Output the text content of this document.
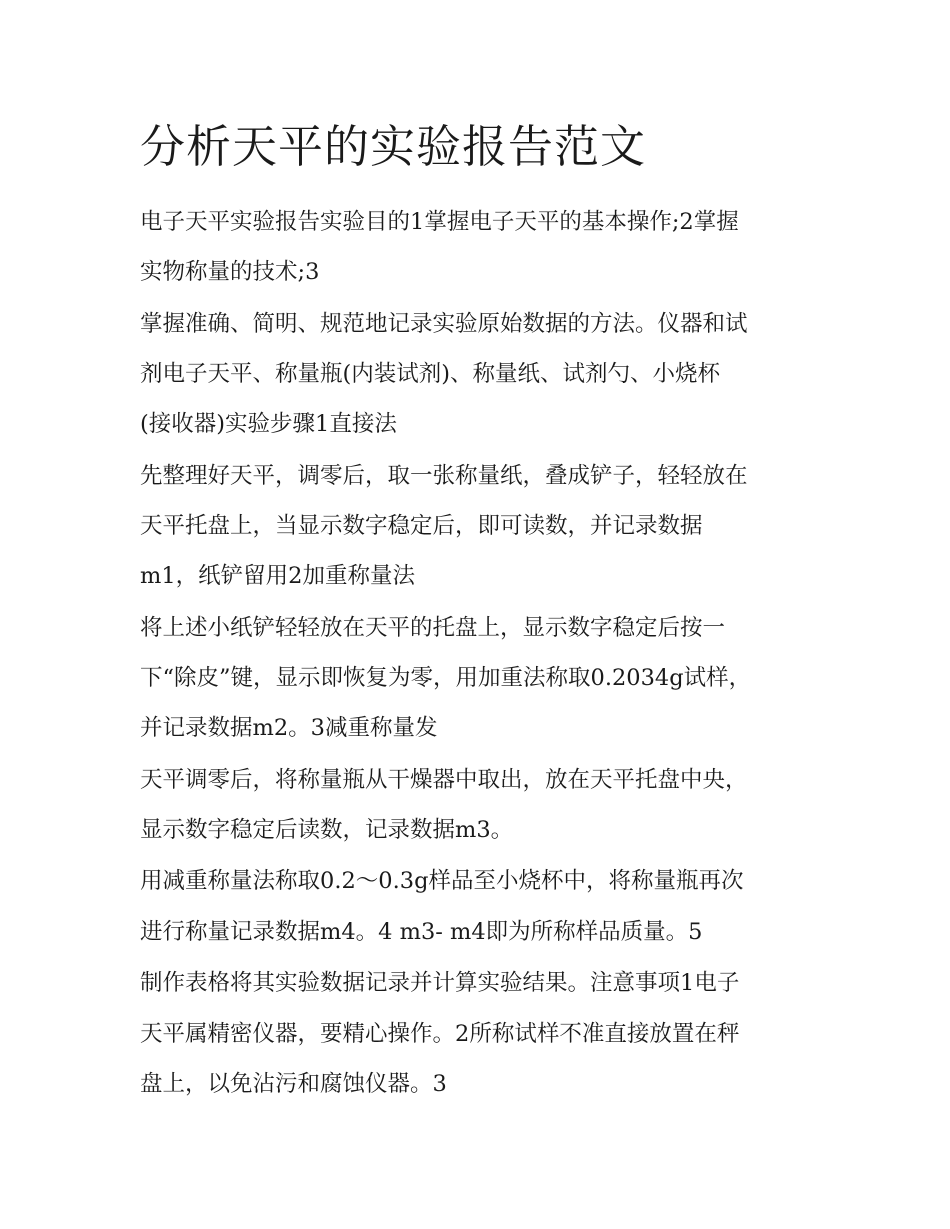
分析天平的实验报告范文

电子天平实验报告实验目的1掌握电子天平的基本操作;2掌握

实物称量的技术;3

掌握准确、简明、规范地记录实验原始数据的方法。仪器和试

剂电子天平、称量瓶(内装试剂)、称量纸、试剂勺、小烧杯

(接收器)实验步骤1直接法

先整理好天平，调零后，取一张称量纸，叠成铲子，轻轻放在

天平托盘上，当显示数字稳定后，即可读数，并记录数据

m1，纸铲留用2加重称量法

将上述小纸铲轻轻放在天平的托盘上，显示数字稳定后按一

下“除皮”键，显示即恢复为零，用加重法称取0.2034g试样，

并记录数据m2。3减重称量发

天平调零后，将称量瓶从干燥器中取出，放在天平托盘中央，

显示数字稳定后读数，记录数据m3。

用减重称量法称取0.2～0.3g样品至小烧杯中，将称量瓶再次

进行称量记录数据m4。4 m3- m4即为所称样品质量。5

制作表格将其实验数据记录并计算实验结果。注意事项1电子

天平属精密仪器，要精心操作。2所称试样不准直接放置在秤

盘上，以免沾污和腐蚀仪器。3
